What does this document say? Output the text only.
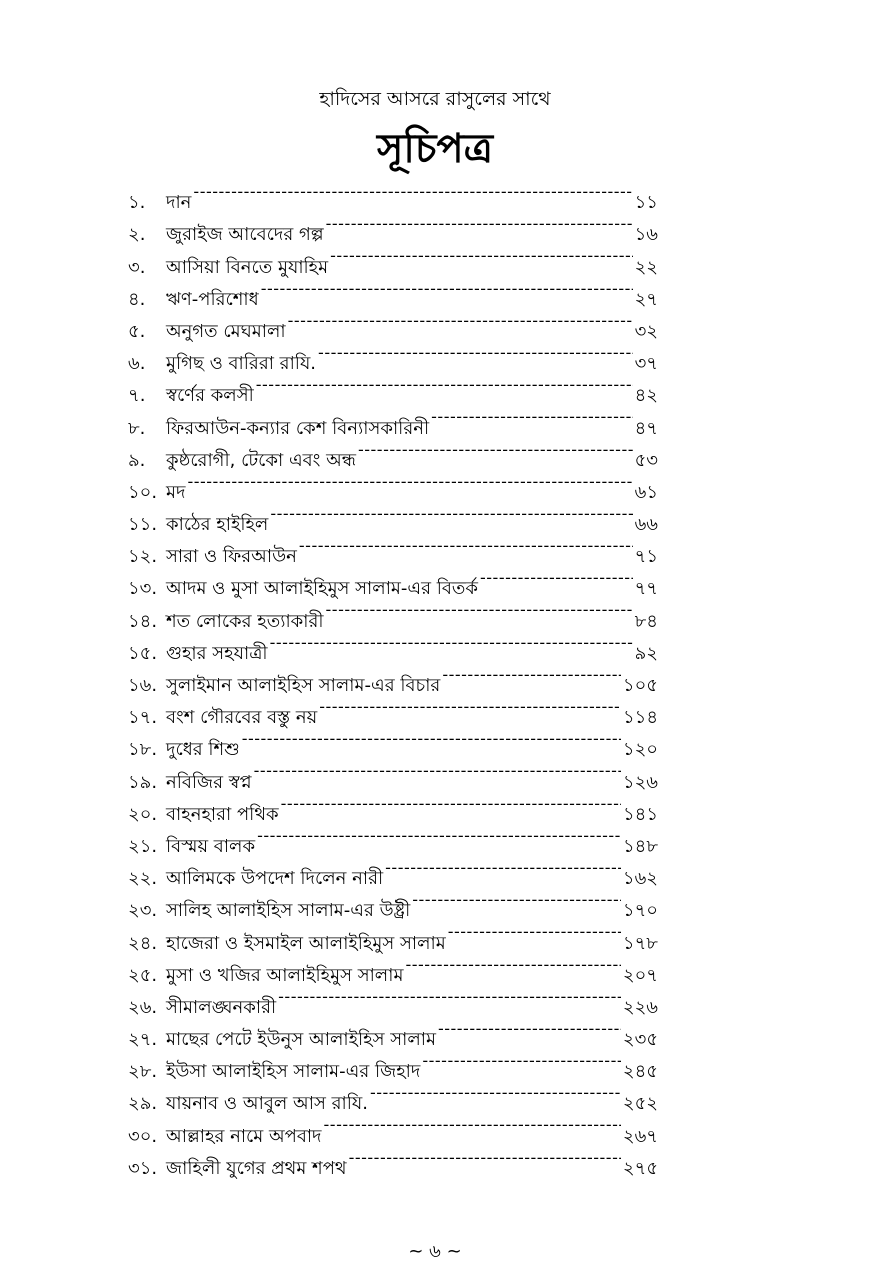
হাদিসের আসরে রাসুলের সাথে
সূচিপত্র
১.	দান -----	১১
২.	জুরাইজ আবেদের গল্প -----	১৬
৩.	আসিয়া বিনতে মুযাহিম -----	২২
৪.	ঋণ-পরিশোধ -----	২৭
৫.	অনুগত মেঘমালা -----	৩২
৬.	মুগিছ ও বারিরা রাযি. -----	৩৭
৭.	স্বর্ণের কলসী -----	৪২
৮.	ফিরআউন-কন্যার কেশ বিন্যাসকারিনী -----	৪৭
৯.	কুষ্ঠরোগী, টেকো এবং অন্ধ -----	৫৩
১০. মদ -----	৬১
১১. কাঠের হাইহিল -----	৬৬
১২. সারা ও ফিরআউন -----	৭১
১৩. আদম ও মুসা আলাইহিমুস সালাম-এর বিতর্ক -----	৭৭
১৪. শত লোকের হত্যাকারী -----	৮৪
১৫. গুহার সহযাত্রী -----	৯২
১৬. সুলাইমান আলাইহিস সালাম-এর বিচার -----	১০৫
১৭. বংশ গৌরবের বস্তু নয় -----	১১৪
১৮. দুধের শিশু -----	১২০
১৯. নবিজির স্বপ্ন -----	১২৬
২০. বাহনহারা পথিক -----	১৪১
২১. বিস্ময় বালক -----	১৪৮
২২. আলিমকে উপদেশ দিলেন নারী -----	১৬২
২৩. সালিহ আলাইহিস সালাম-এর উষ্ট্রী -----	১৭০
২৪. হাজেরা ও ইসমাইল আলাইহিমুস সালাম -----	১৭৮
২৫. মুসা ও খজির আলাইহিমুস সালাম -----	২০৭
২৬. সীমালঙ্ঘনকারী -----	২২৬
২৭. মাছের পেটে ইউনুস আলাইহিস সালাম -----	২৩৫
২৮. ইউসা আলাইহিস সালাম-এর জিহাদ -----	২৪৫
২৯. যায়নাব ও আবুল আস রাযি. -----	২৫২
৩০. আল্লাহর নামে অপবাদ -----	২৬৭
৩১. জাহিলী যুগের প্রথম শপথ -----	২৭৫
~ ৬ ~
